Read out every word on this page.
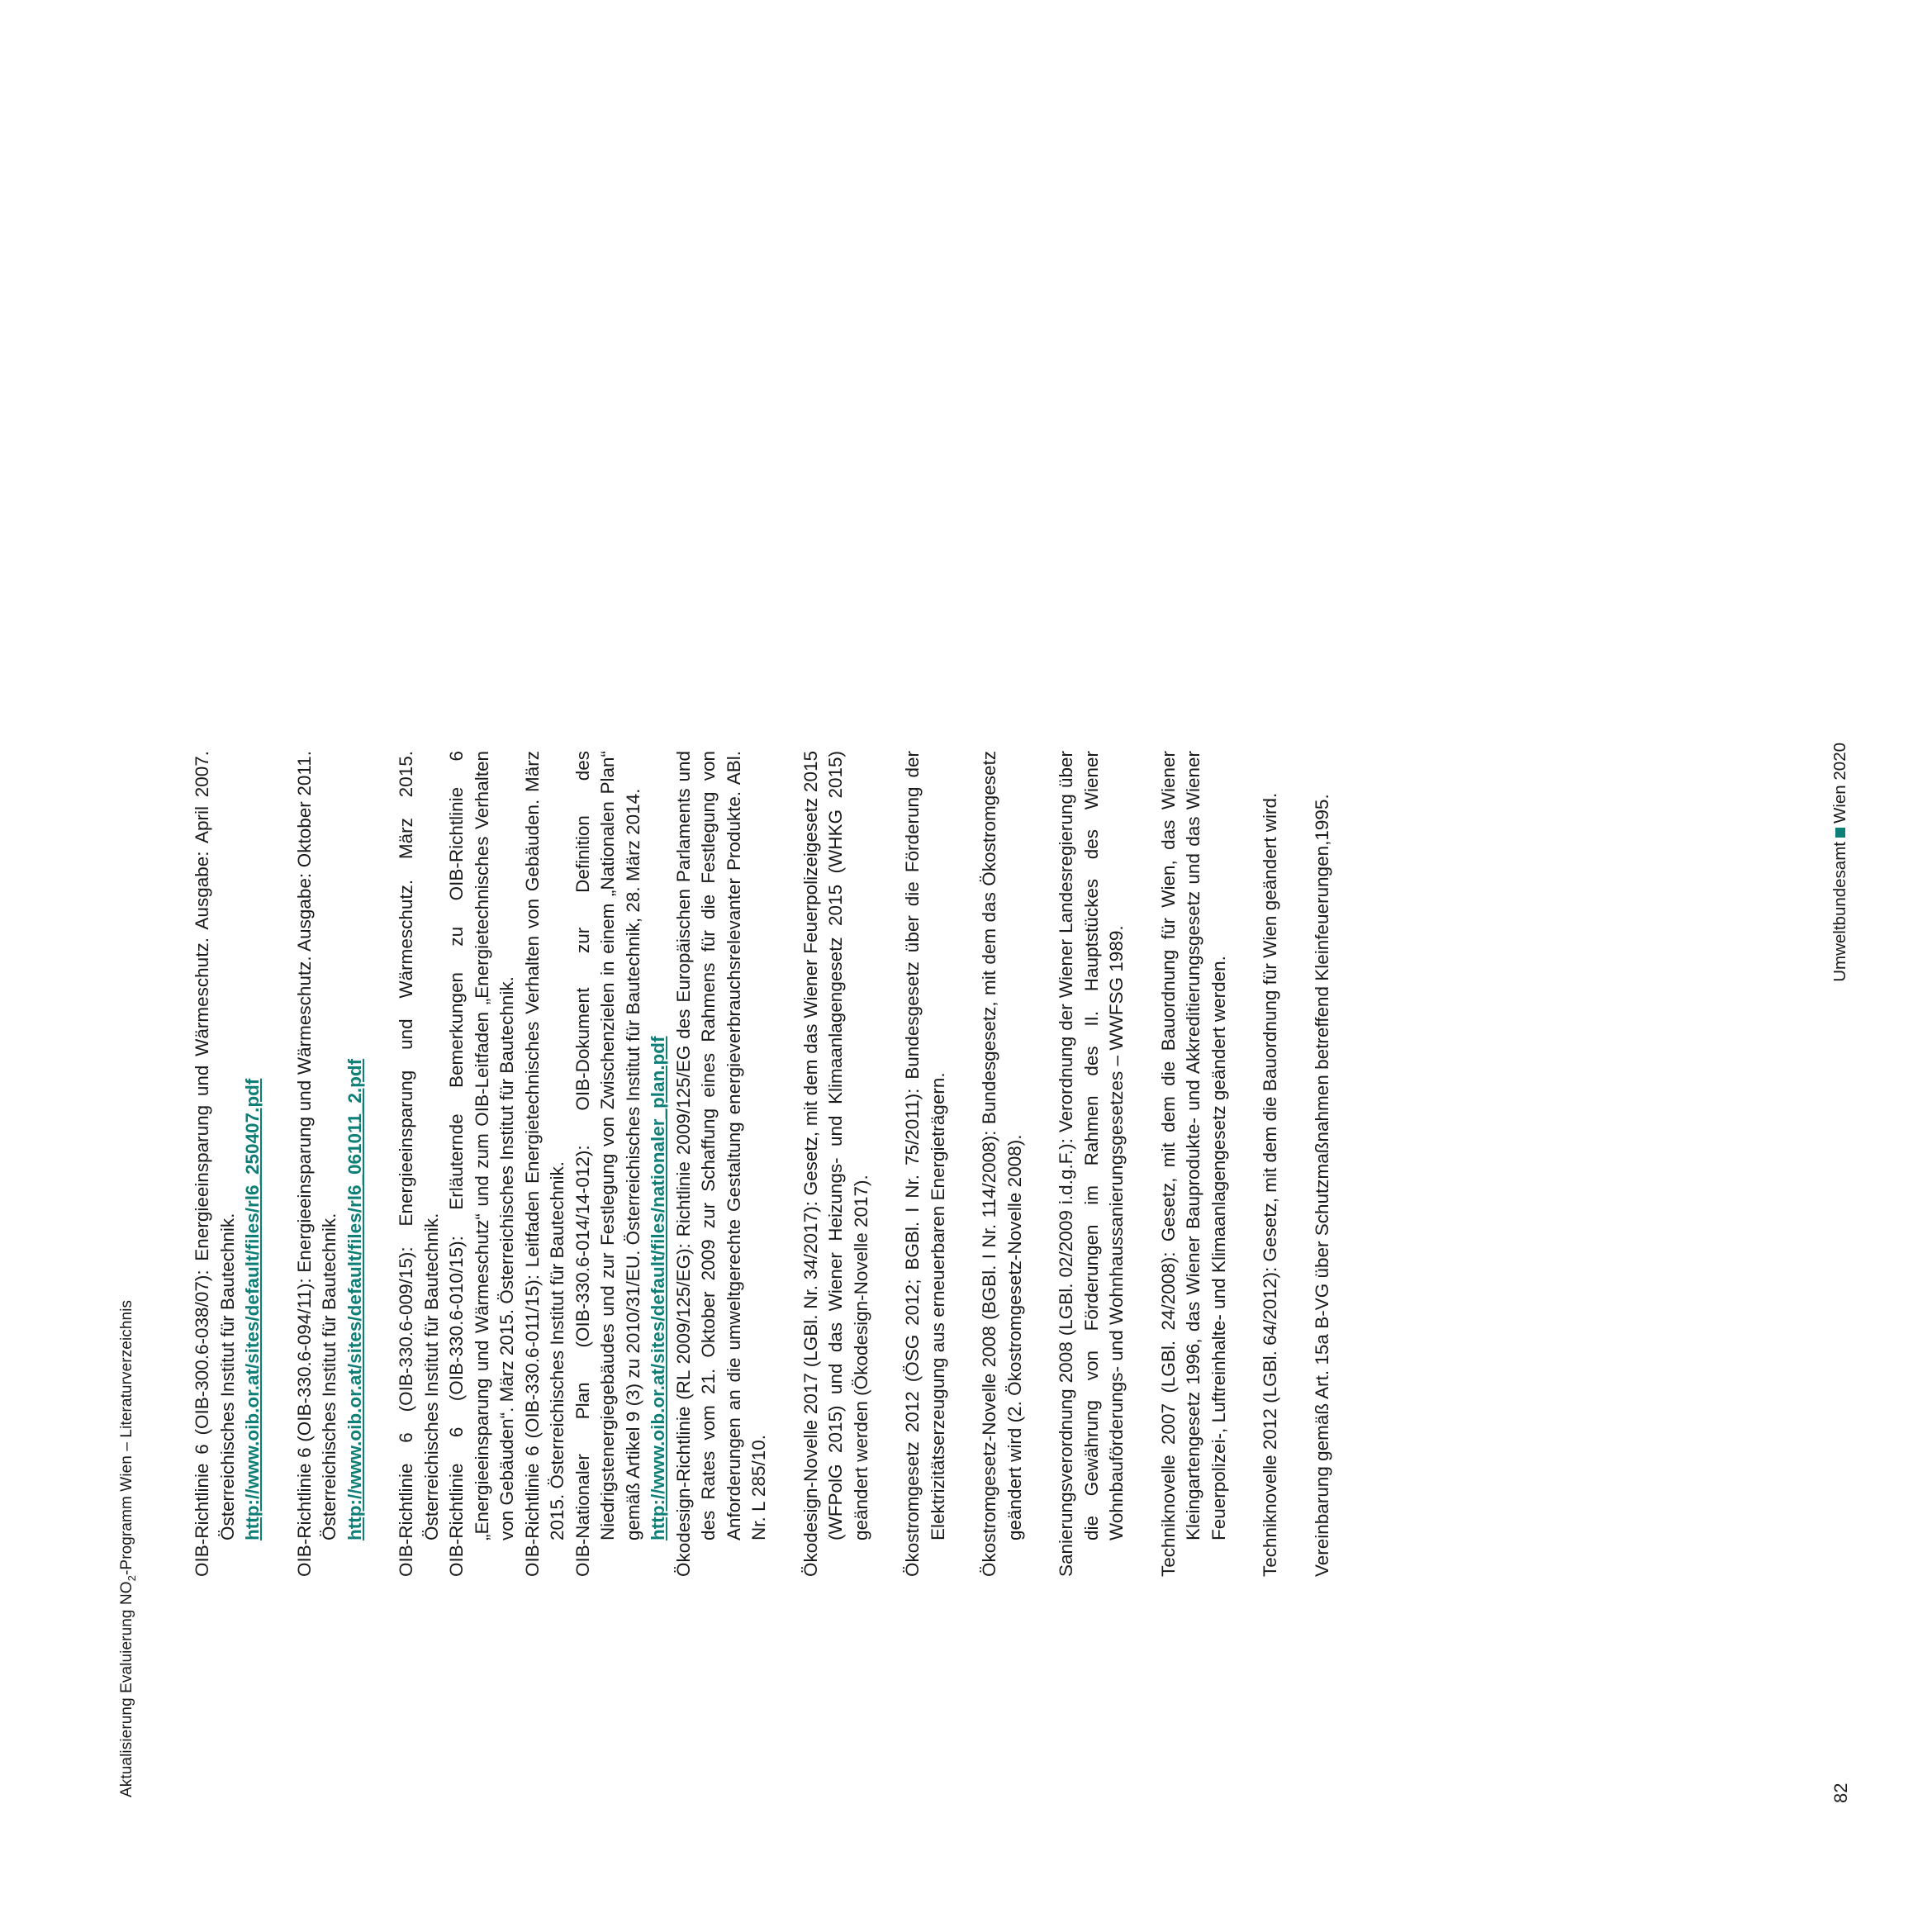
Aktualisierung Evaluierung $NO_2$-Programm Wien – Literaturverzeichnis	OIB-Richtlinie 6 (OIB-300.6-038/07): Energieeinsparung und Wärmeschutz. Ausgabe: April 2007. Österreichisches Institut für Bautechnik. http://www.oib.or.at/sites/default/files/rl6_250407.pdf OIB-Richtlinie 6 (OIB-330.6-094/11): Energieeinsparung und Wärmeschutz. Ausgabe: Oktober 2011. Österreichisches Institut für Bautechnik. http://www.oib.or.at/sites/default/files/rl6_061011_2.pdf OIB-Richtlinie 6 (OIB-330.6-009/15): Energieeinsparung und Wärmeschutz. März 2015. Österreichisches Institut für Bautechnik. OIB-Richtlinie 6 (OIB-330.6-010/15): Erläuternde Bemerkungen zu OIB-Richtlinie 6 „Energieeinsparung und Wärmeschutz“ und zum OIB-Leitfaden „Energietechnisches Verhalten von Gebäuden“. März 2015. Österreichisches Institut für Bautechnik. OIB-Richtlinie 6 (OIB-330.6-011/15): Leitfaden Energietechnisches Verhalten von Gebäuden. März 2015. Österreichisches Institut für Bautechnik. OIB-Nationaler Plan (OIB-330.6-014/14-012): OIB-Dokument zur Definition des Niedrigstenergiegebäudes und zur Festlegung von Zwischenzielen in einem „Nationalen Plan“ gemäß Artikel 9 (3) zu 2010/31/EU. Österreichisches Institut für Bautechnik, 28. März 2014. http://www.oib.or.at/sites/default/files/nationaler_plan.pdf Ökodesign-Richtlinie (RL 2009/125/EG): Richtlinie 2009/125/EG des Europäischen Parlaments und des Rates vom 21. Oktober 2009 zur Schaffung eines Rahmens für die Festlegung von Anforderungen an die umweltgerechte Gestaltung energieverbrauchsrelevanter Produkte. ABl. Nr. L 285/10. Ökodesign-Novelle 2017 (LGBl. Nr. 34/2017): Gesetz, mit dem das Wiener Feuerpolizeigesetz 2015 (WFPolG 2015) und das Wiener Heizungs- und Klimaanlagengesetz 2015 (WHKG 2015) geändert werden (Ökodesign-Novelle 2017). Ökostromgesetz 2012 (ÖSG 2012; BGBl. I Nr. 75/2011): Bundesgesetz über die Förderung der Elektrizitätserzeugung aus erneuerbaren Energieträgern. Ökostromgesetz-Novelle 2008 (BGBl. I Nr. 114/2008): Bundesgesetz, mit dem das Ökostromgesetz geändert wird (2. Ökostromgesetz-Novelle 2008). Sanierungsverordnung 2008 (LGBl. 02/2009 i.d.g.F.): Verordnung der Wiener Landesregierung über die Gewährung von Förderungen im Rahmen des II. Hauptstückes des Wiener Wohnbauförderungs- und Wohnhaussanierungsgesetzes – WWFSG 1989. Techniknovelle 2007 (LGBl. 24/2008): Gesetz, mit dem die Bauordnung für Wien, das Wiener Kleingartengesetz 1996, das Wiener Bauprodukte- und Akkreditierungsgesetz und das Wiener Feuerpolizei-, Luftreinhalte- und Klimaanlagengesetz geändert werden. Techniknovelle 2012 (LGBl. 64/2012): Gesetz, mit dem die Bauordnung für Wien geändert wird. Vereinbarung gemäß Art. 15a B-VG über Schutzmaßnahmen betreffend Kleinfeuerungen,1995.

82
UmweltbundesamtWien 2020
